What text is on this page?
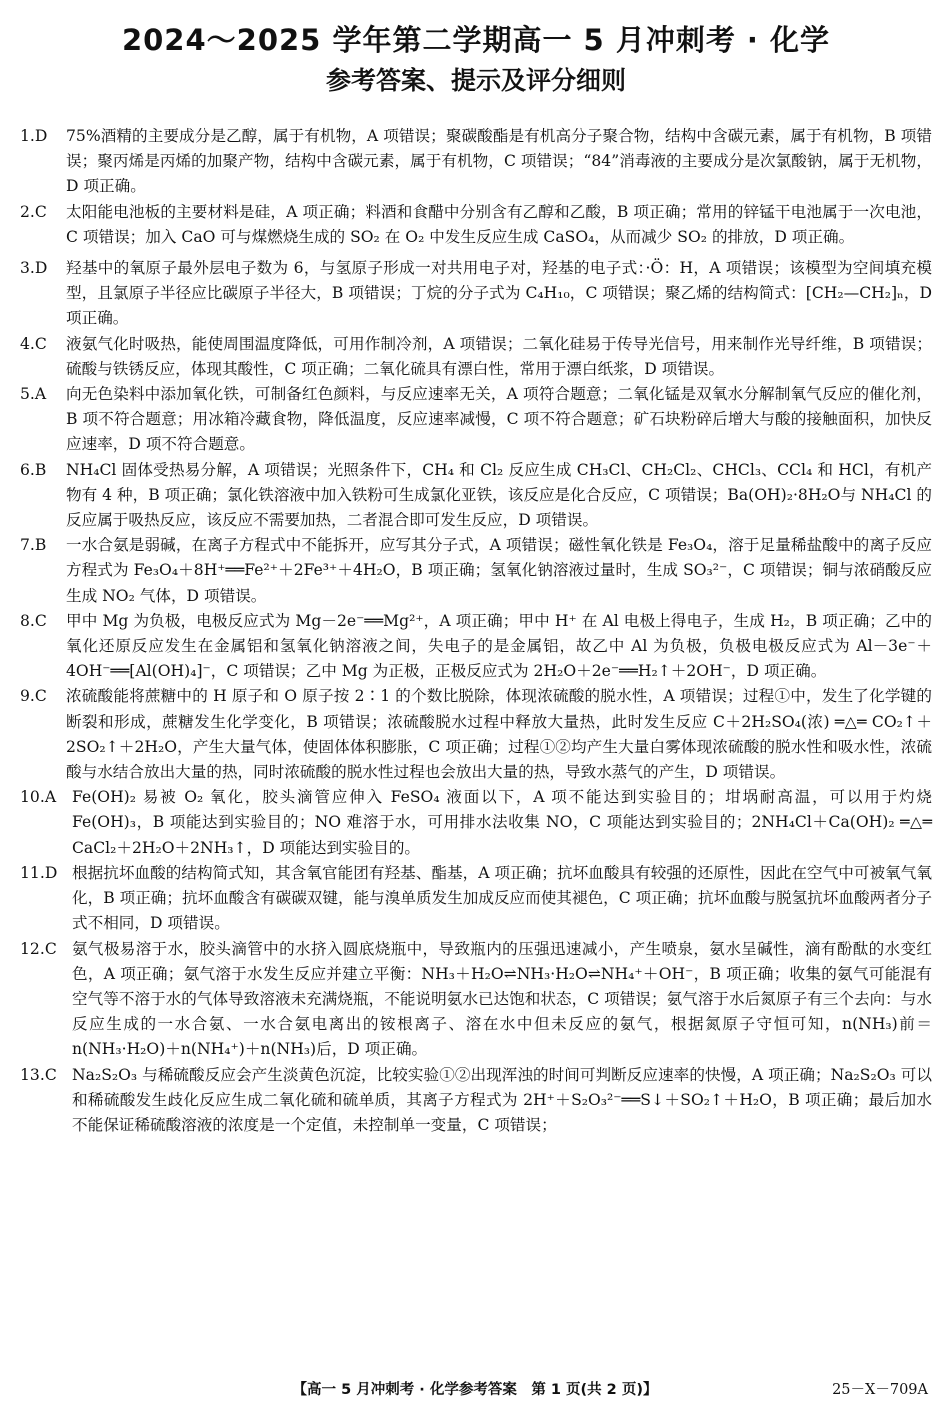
2024～2025 学年第二学期高一 5 月冲刺考 · 化学
参考答案、提示及评分细则
1.D 75%酒精的主要成分是乙醇，属于有机物，A 项错误；聚碳酸酯是有机高分子聚合物，结构中含碳元素，属于有机物，B 项错误；聚丙烯是丙烯的加聚产物，结构中含碳元素，属于有机物，C 项错误；“84”消毒液的主要成分是次氯酸钠，属于无机物，D 项正确。
2.C 太阳能电池板的主要材料是硅，A 项正确；料酒和食醋中分别含有乙醇和乙酸，B 项正确；常用的锌锰干电池属于一次电池，C 项错误；加入 CaO 可与煤燃烧生成的 SO₂ 在 O₂ 中发生反应生成 CaSO₄，从而减少 SO₂ 的排放，D 项正确。
3.D 羟基中的氧原子最外层电子数为 6，与氢原子形成一对共用电子对，羟基的电子式：·Ö：H，A 项错误；该模型为空间填充模型，且氯原子半径应比碳原子半径大，B 项错误；丁烷的分子式为 C₄H₁₀，C 项错误；聚乙烯的结构简式：[CH₂—CH₂]ₙ，D 项正确。
4.C 液氨气化时吸热，能使周围温度降低，可用作制冷剂，A 项错误；二氧化硅易于传导光信号，用来制作光导纤维，B 项错误；硫酸与铁锈反应，体现其酸性，C 项正确；二氧化硫具有漂白性，常用于漂白纸浆，D 项错误。
5.A 向无色染料中添加氧化铁，可制备红色颜料，与反应速率无关，A 项符合题意；二氧化锰是双氧水分解制氧气反应的催化剂，B 项不符合题意；用冰箱冷藏食物，降低温度，反应速率减慢，C 项不符合题意；矿石块粉碎后增大与酸的接触面积，加快反应速率，D 项不符合题意。
6.B NH₄Cl 固体受热易分解，A 项错误；光照条件下，CH₄ 和 Cl₂ 反应生成 CH₃Cl、CH₂Cl₂、CHCl₃、CCl₄ 和 HCl，有机产物有 4 种，B 项正确；氯化铁溶液中加入铁粉可生成氯化亚铁，该反应是化合反应，C 项错误；Ba(OH)₂·8H₂O与 NH₄Cl 的反应属于吸热反应，该反应不需要加热，二者混合即可发生反应，D 项错误。
7.B 一水合氨是弱碱，在离子方程式中不能拆开，应写其分子式，A 项错误；磁性氧化铁是 Fe₃O₄，溶于足量稀盐酸中的离子反应方程式为 Fe₃O₄＋8H⁺══Fe²⁺＋2Fe³⁺＋4H₂O，B 项正确；氢氧化钠溶液过量时，生成 SO₃²⁻，C 项错误；铜与浓硝酸反应生成 NO₂ 气体，D 项错误。
8.C 甲中 Mg 为负极，电极反应式为 Mg－2e⁻══Mg²⁺，A 项正确；甲中 H⁺ 在 Al 电极上得电子，生成 H₂，B 项正确；乙中的氧化还原反应发生在金属铝和氢氧化钠溶液之间，失电子的是金属铝，故乙中 Al 为负极，负极电极反应式为 Al－3e⁻＋4OH⁻══[Al(OH)₄]⁻，C 项错误；乙中 Mg 为正极，正极反应式为 2H₂O＋2e⁻══H₂↑＋2OH⁻，D 项正确。
9.C 浓硫酸能将蔗糖中的 H 原子和 O 原子按 2∶1 的个数比脱除，体现浓硫酸的脱水性，A 项错误；过程①中，发生了化学键的断裂和形成，蔗糖发生化学变化，B 项错误；浓硫酸脱水过程中释放大量热，此时发生反应 C＋2H₂SO₄(浓) ═△═ CO₂↑＋2SO₂↑＋2H₂O，产生大量气体，使固体体积膨胀，C 项正确；过程①②均产生大量白雾体现浓硫酸的脱水性和吸水性，浓硫酸与水结合放出大量的热，同时浓硫酸的脱水性过程也会放出大量的热，导致水蒸气的产生，D 项错误。
10.A Fe(OH)₂ 易被 O₂ 氧化，胶头滴管应伸入 FeSO₄ 液面以下，A 项不能达到实验目的；坩埚耐高温，可以用于灼烧 Fe(OH)₃，B 项能达到实验目的；NO 难溶于水，可用排水法收集 NO，C 项能达到实验目的；2NH₄Cl＋Ca(OH)₂ ═△═ CaCl₂＋2H₂O＋2NH₃↑，D 项能达到实验目的。
11.D 根据抗坏血酸的结构简式知，其含氧官能团有羟基、酯基，A 项正确；抗坏血酸具有较强的还原性，因此在空气中可被氧气氧化，B 项正确；抗坏血酸含有碳碳双键，能与溴单质发生加成反应而使其褪色，C 项正确；抗坏血酸与脱氢抗坏血酸两者分子式不相同，D 项错误。
12.C 氨气极易溶于水，胶头滴管中的水挤入圆底烧瓶中，导致瓶内的压强迅速减小，产生喷泉，氨水呈碱性，滴有酚酞的水变红色，A 项正确；氨气溶于水发生反应并建立平衡：NH₃＋H₂O⇌NH₃·H₂O⇌NH₄⁺＋OH⁻，B 项正确；收集的氨气可能混有空气等不溶于水的气体导致溶液未充满烧瓶，不能说明氨水已达饱和状态，C 项错误；氨气溶于水后氮原子有三个去向：与水反应生成的一水合氨、一水合氨电离出的铵根离子、溶在水中但未反应的氨气，根据氮原子守恒可知，n(NH₃)前＝n(NH₃·H₂O)＋n(NH₄⁺)＋n(NH₃)后，D 项正确。
13.C Na₂S₂O₃ 与稀硫酸反应会产生淡黄色沉淀，比较实验①②出现浑浊的时间可判断反应速率的快慢，A 项正确；Na₂S₂O₃ 可以和稀硫酸发生歧化反应生成二氧化硫和硫单质，其离子方程式为 2H⁺＋S₂O₃²⁻══S↓＋SO₂↑＋H₂O，B 项正确；最后加水不能保证稀硫酸溶液的浓度是一个定值，未控制单一变量，C 项错误；
【高一 5 月冲刺考 · 化学参考答案　第 1 页(共 2 页)】	25－X－709A
